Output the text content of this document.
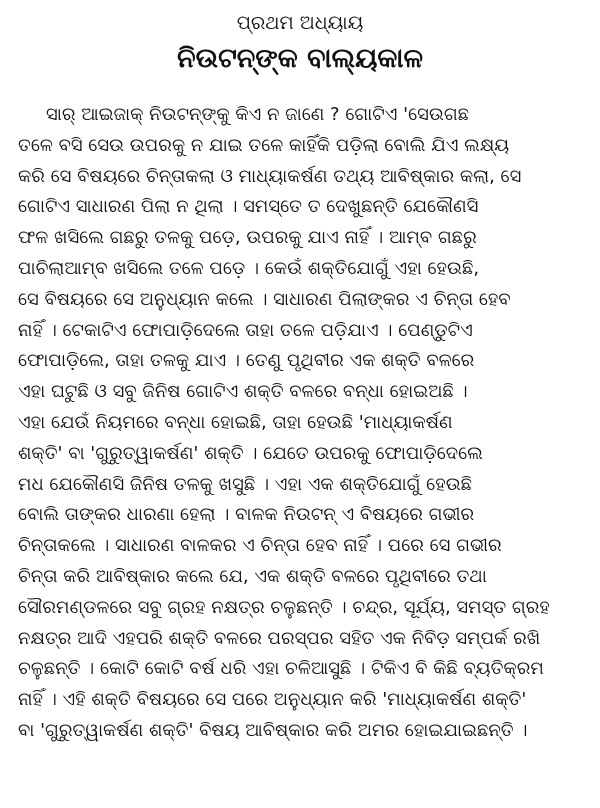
ପ୍ରଥମ ଅଧ୍ୟାୟ
ନିଉଟନ୍‌ଙ୍କ ବାଲ୍ୟକାଳ
ସାର୍ ଆଇଜାକ୍ ନିଉଟନ୍‌ଙ୍କୁ କିଏ ନ ଜାଣେ ? ଗୋଟିଏ 'ସେଉଗଛ
ତଳେ ବସି ସେଉ ଉପରକୁ ନ ଯାଇ ତଳେ କାହିଁକି ପଡ଼ିଲା ବୋଲି ଯିଏ ଲକ୍ଷ୍ୟ
କରି ସେ ବିଷୟରେ ଚିନ୍ତାକଲା ଓ ମାଧ୍ୟାକର୍ଷଣ ତଥ୍ୟ ଆବିଷ୍କାର କଲା, ସେ
ଗୋଟିଏ ସାଧାରଣ ପିଲା ନ ଥିଲା । ସମସ୍ତେ ତ ଦେଖୁଛନ୍ତି ଯେକୌଣସି
ଫଳ ଖସିଲେ ଗଛରୁ ତଳକୁ ପଡ଼େ, ଉପରକୁ ଯାଏ ନାହିଁ । ଆମ୍ବ ଗଛରୁ
ପାଚିଲାଆମ୍ବ ଖସିଲେ ତଳେ ପଡ଼େ । କେଉଁ ଶକ୍ତିଯୋଗୁଁ ଏହା ହେଉଛି,
ସେ ବିଷୟରେ ସେ ଅନୁଧ୍ୟାନ କଲେ । ସାଧାରଣ ପିଲାଙ୍କର ଏ ଚିନ୍ତା ହେବ
ନାହିଁ । ଟେକାଟିଏ ଫୋପାଡ଼ିଦେଲେ ତାହା ତଳେ ପଡ଼ିଯାଏ । ପେଣ୍ଡୁଟିଏ
ଫୋପାଡ଼ିଲେ, ତାହା ତଳକୁ ଯାଏ । ତେଣୁ ପୃଥିବୀର ଏକ ଶକ୍ତି ବଳରେ
ଏହା ଘଟୁଛି ଓ ସବୁ ଜିନିଷ ଗୋଟିଏ ଶକ୍ତି ବଳରେ ବନ୍ଧା ହୋଇଅଛି ।
ଏହା ଯେଉଁ ନିୟମରେ ବନ୍ଧା ହୋଇଛି, ତାହା ହେଉଛି 'ମାଧ୍ୟାକର୍ଷଣ
ଶକ୍ତି' ବା 'ଗୁରୁତ୍ୱାକର୍ଷଣ' ଶକ୍ତି । ଯେତେ ଉପରକୁ ଫୋପାଡ଼ିଦେଲେ
ମଧ ଯେକୌଣସି ଜିନିଷ ତଳକୁ ଖସୁଛି । ଏହା ଏକ ଶକ୍ତିଯୋଗୁଁ ହେଉଛି
ବୋଲି ତାଙ୍କର ଧାରଣା ହେଲା । ବାଳକ ନିଉଟନ୍ ଏ ବିଷୟରେ ଗଭୀର
ଚିନ୍ତାକଲେ । ସାଧାରଣ ବାଳକର ଏ ଚିନ୍ତା ହେବ ନାହିଁ । ପରେ ସେ ଗଭୀର
ଚିନ୍ତା କରି ଆବିଷ୍କାର କଲେ ଯେ, ଏକ ଶକ୍ତି ବଳରେ ପୃଥିବୀରେ ତଥା
ସୌରମଣ୍ଡଳରେ ସବୁ ଗ୍ରହ ନକ୍ଷତ୍ର ଚଳୁଛନ୍ତି । ଚନ୍ଦ୍ର, ସୂର୍ଯ୍ୟ, ସମସ୍ତ ଗ୍ରହ
ନକ୍ଷତ୍ର ଆଦି ଏହପରି ଶକ୍ତି ବଳରେ ପରସ୍ପର ସହିତ ଏକ ନିବିଡ଼ ସମ୍ପର୍କ ରଖି
ଚଳୁଛନ୍ତି । କୋଟି କୋଟି ବର୍ଷ ଧରି ଏହା ଚଳିଆସୁଛି । ଟିକିଏ ବି କିଛି ବ୍ୟତିକ୍ରମ
ନାହିଁ । ଏହି ଶକ୍ତି ବିଷୟରେ ସେ ପରେ ଅନୁଧ୍ୟାନ କରି 'ମାଧ୍ୟାକର୍ଷଣ ଶକ୍ତି'
ବା 'ଗୁରୁତ୍ୱାକର୍ଷଣ ଶକ୍ତି' ବିଷୟ ଆବିଷ୍କାର କରି ଅମର ହୋଇଯାଇଛନ୍ତି ।
